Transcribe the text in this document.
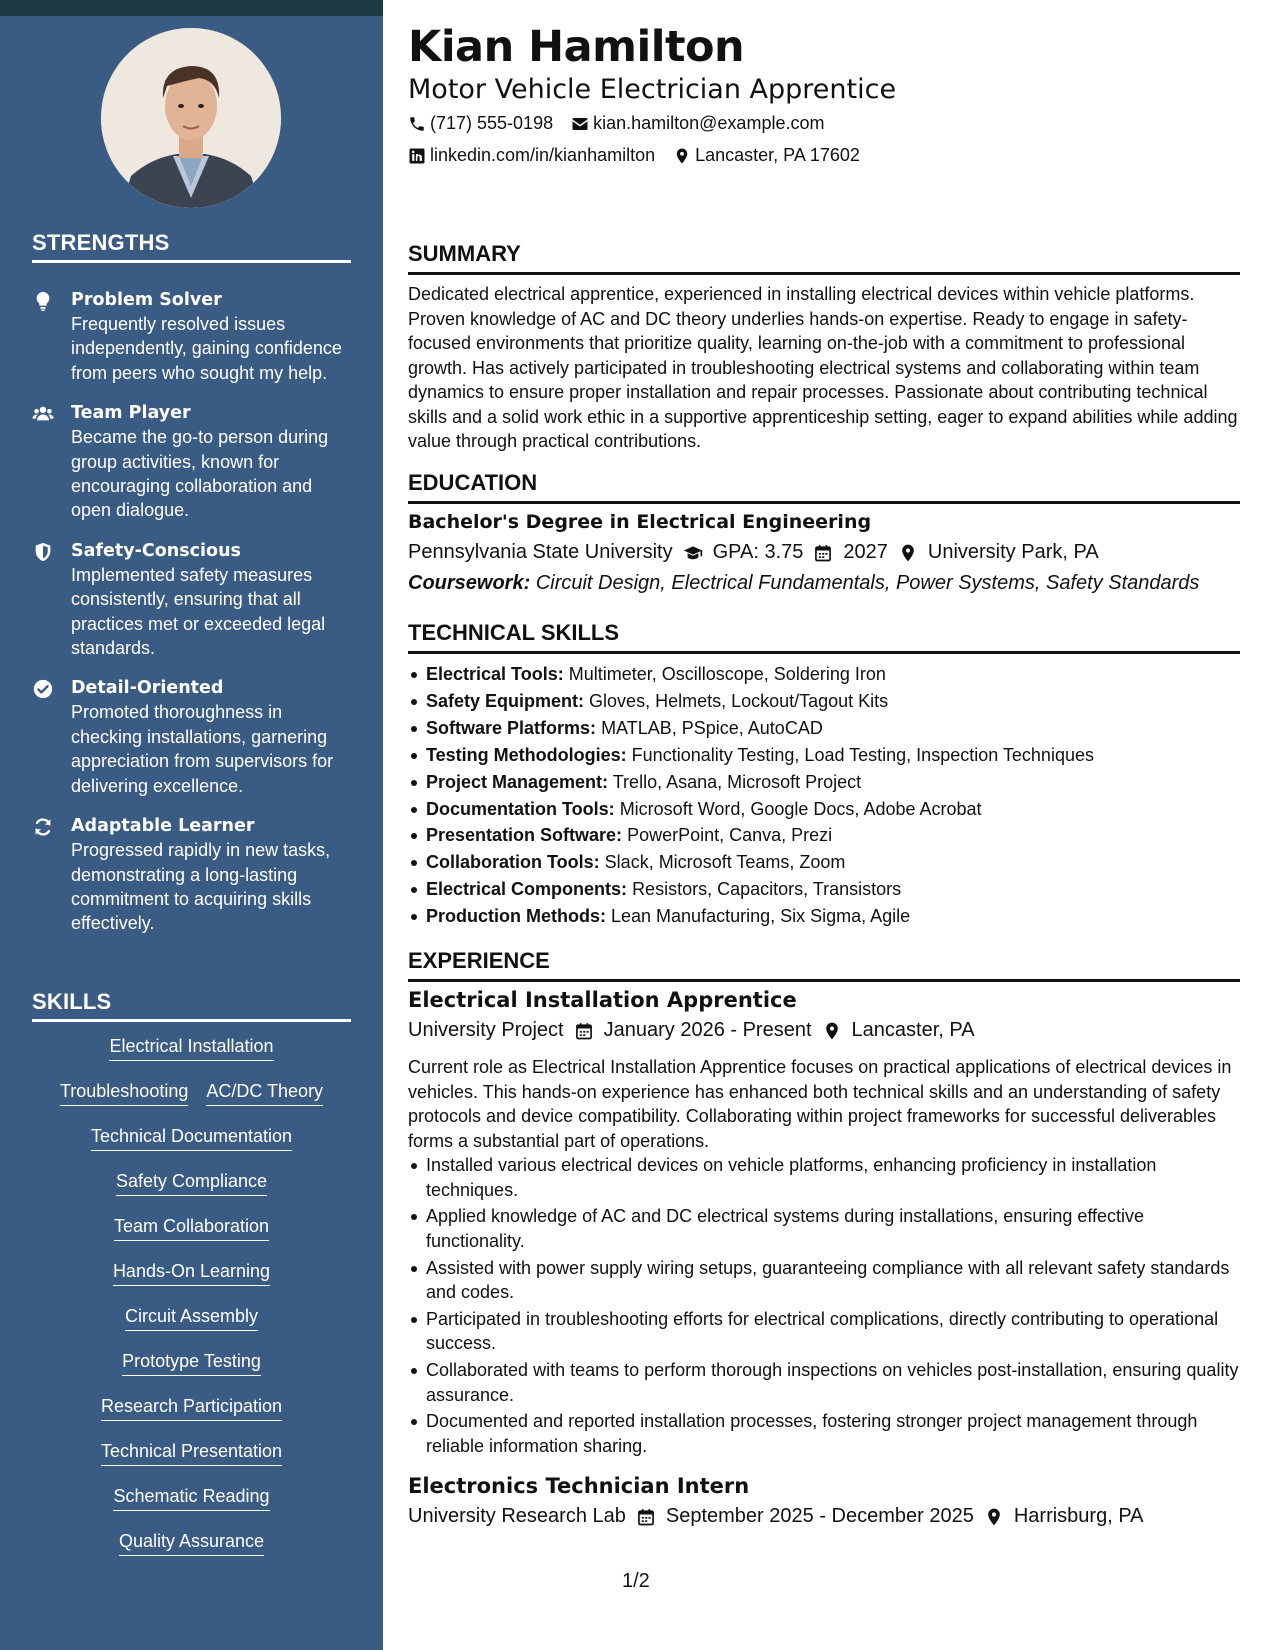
STRENGTHS
Problem Solver
Frequently resolved issues independently, gaining confidence from peers who sought my help.
Team Player
Became the go-to person during group activities, known for encouraging collaboration and open dialogue.
Safety-Conscious
Implemented safety measures consistently, ensuring that all practices met or exceeded legal standards.
Detail-Oriented
Promoted thoroughness in checking installations, garnering appreciation from supervisors for delivering excellence.
Adaptable Learner
Progressed rapidly in new tasks, demonstrating a long-lasting commitment to acquiring skills effectively.
SKILLS
Electrical Installation
Troubleshooting AC/DC Theory
Technical Documentation
Safety Compliance
Team Collaboration
Hands-On Learning
Circuit Assembly
Prototype Testing
Research Participation
Technical Presentation
Schematic Reading
Quality Assurance
Kian Hamilton
Motor Vehicle Electrician Apprentice
(717) 555-0198 kian.hamilton@example.com
linkedin.com/in/kianhamilton Lancaster, PA 17602
SUMMARY

Dedicated electrical apprentice, experienced in installing electrical devices within vehicle platforms. Proven knowledge of AC and DC theory underlies hands-on expertise. Ready to engage in safety-focused environments that prioritize quality, learning on-the-job with a commitment to professional growth. Has actively participated in troubleshooting electrical systems and collaborating within team dynamics to ensure proper installation and repair processes. Passionate about contributing technical skills and a solid work ethic in a supportive apprenticeship setting, eager to expand abilities while adding value through practical contributions.

EDUCATION
Bachelor's Degree in Electrical Engineering
Pennsylvania State University GPA: 3.75 2027 University Park, PA
Coursework: Circuit Design, Electrical Fundamentals, Power Systems, Safety Standards
TECHNICAL SKILLS
Electrical Tools: Multimeter, Oscilloscope, Soldering Iron
Safety Equipment: Gloves, Helmets, Lockout/Tagout Kits
Software Platforms: MATLAB, PSpice, AutoCAD
Testing Methodologies: Functionality Testing, Load Testing, Inspection Techniques
Project Management: Trello, Asana, Microsoft Project
Documentation Tools: Microsoft Word, Google Docs, Adobe Acrobat
Presentation Software: PowerPoint, Canva, Prezi
Collaboration Tools: Slack, Microsoft Teams, Zoom
Electrical Components: Resistors, Capacitors, Transistors
Production Methods: Lean Manufacturing, Six Sigma, Agile
EXPERIENCE
Electrical Installation Apprentice
University Project January 2026 - Present Lancaster, PA

Current role as Electrical Installation Apprentice focuses on practical applications of electrical devices in vehicles. This hands-on experience has enhanced both technical skills and an understanding of safety protocols and device compatibility. Collaborating within project frameworks for successful deliverables forms a substantial part of operations.

Installed various electrical devices on vehicle platforms, enhancing proficiency in installation techniques.
Applied knowledge of AC and DC electrical systems during installations, ensuring effective functionality.
Assisted with power supply wiring setups, guaranteeing compliance with all relevant safety standards and codes.
Participated in troubleshooting efforts for electrical complications, directly contributing to operational success.
Collaborated with teams to perform thorough inspections on vehicles post-installation, ensuring quality assurance.
Documented and reported installation processes, fostering stronger project management through reliable information sharing.
Electronics Technician Intern
University Research Lab September 2025 - December 2025 Harrisburg, PA
1/2
